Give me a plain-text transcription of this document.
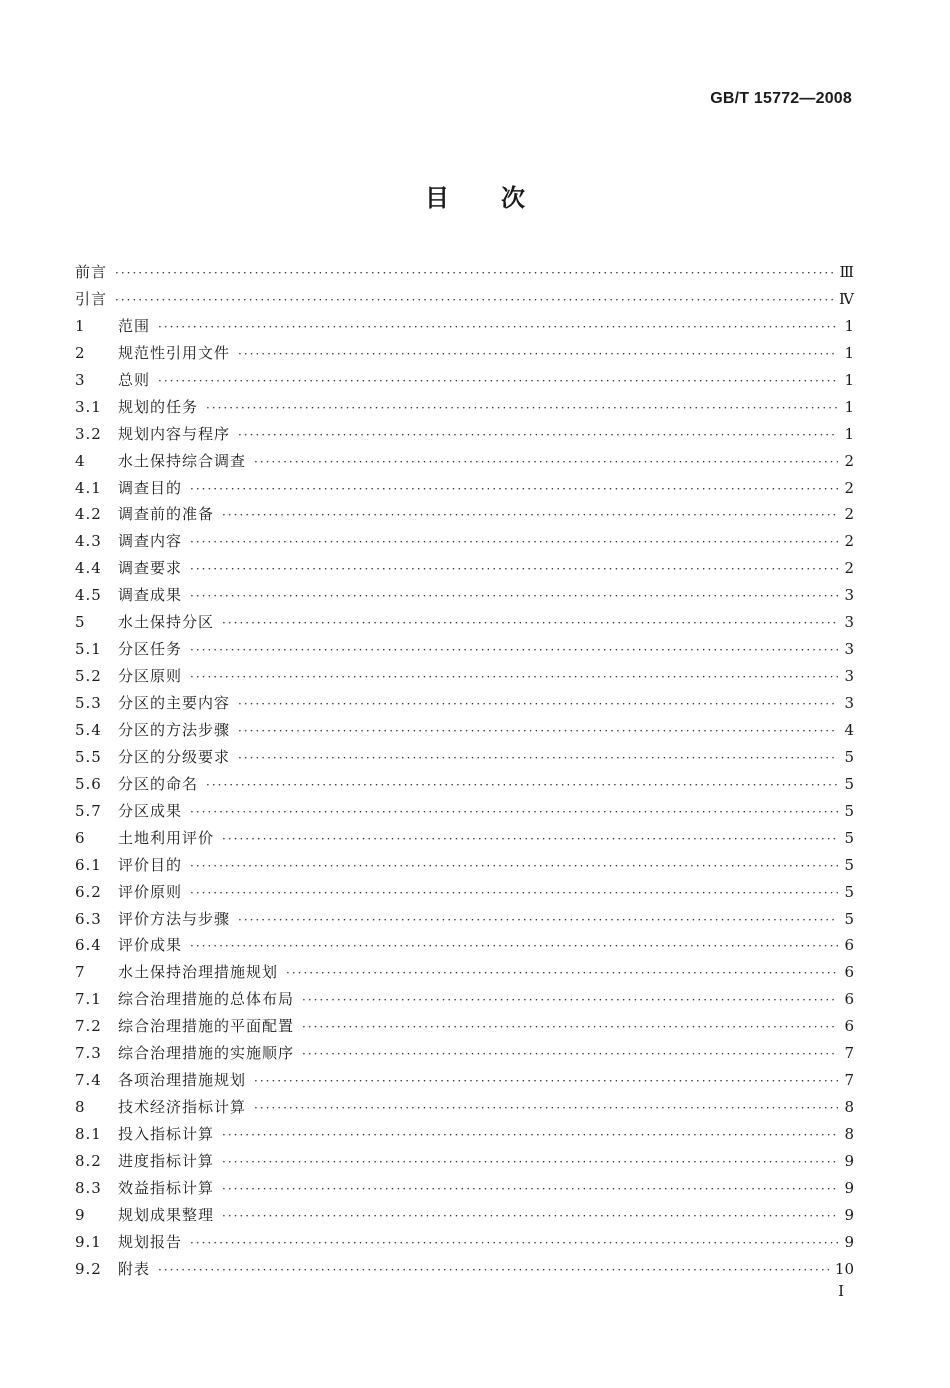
GB/T 15772—2008
目次
前言 ·····	Ⅲ
引言 ·····	Ⅳ
1	范围 ·····	1
2	规范性引用文件 ·····	1
3	总则 ·····	1
3.1	规划的任务 ·····	1
3.2	规划内容与程序 ·····	1
4	水土保持综合调查 ·····	2
4.1	调查目的 ·····	2
4.2	调查前的准备 ·····	2
4.3	调查内容 ·····	2
4.4	调查要求 ·····	2
4.5	调查成果 ·····	3
5	水土保持分区 ·····	3
5.1	分区任务 ·····	3
5.2	分区原则 ·····	3
5.3	分区的主要内容 ·····	3
5.4	分区的方法步骤 ·····	4
5.5	分区的分级要求 ·····	5
5.6	分区的命名 ·····	5
5.7	分区成果 ·····	5
6	土地利用评价 ·····	5
6.1	评价目的 ·····	5
6.2	评价原则 ·····	5
6.3	评价方法与步骤 ·····	5
6.4	评价成果 ·····	6
7	水土保持治理措施规划 ·····	6
7.1	综合治理措施的总体布局 ·····	6
7.2	综合治理措施的平面配置 ·····	6
7.3	综合治理措施的实施顺序 ·····	7
7.4	各项治理措施规划 ·····	7
8	技术经济指标计算 ·····	8
8.1	投入指标计算 ·····	8
8.2	进度指标计算 ·····	9
8.3	效益指标计算 ·····	9
9	规划成果整理 ·····	9
9.1	规划报告 ·····	9
9.2	附表 ·····	10
I
